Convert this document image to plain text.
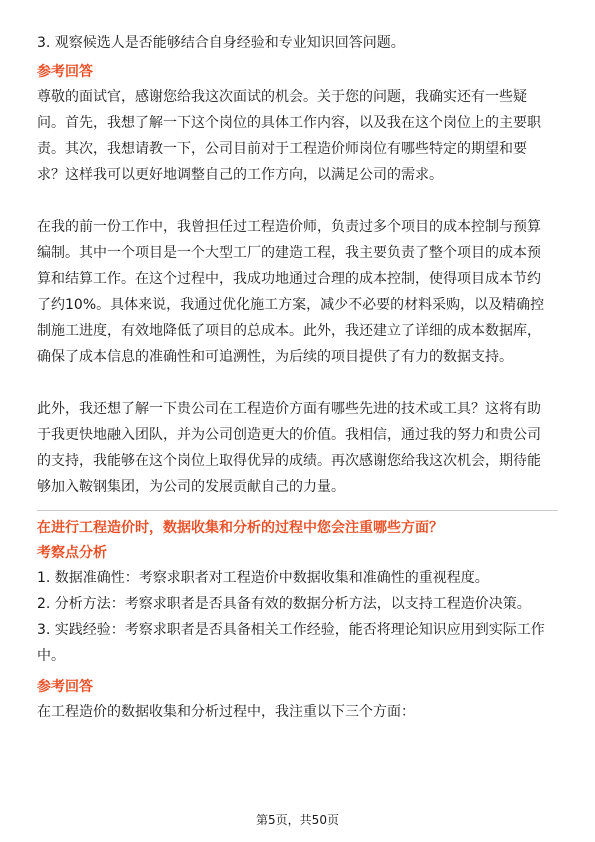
3. 观察候选人是否能够结合自身经验和专业知识回答问题。

参考回答

尊敬的面试官，感谢您给我这次面试的机会。关于您的问题，我确实还有一些疑

问。首先，我想了解一下这个岗位的具体工作内容，以及我在这个岗位上的主要职

责。其次，我想请教一下，公司目前对于工程造价师岗位有哪些特定的期望和要

求？这样我可以更好地调整自己的工作方向，以满足公司的需求。

在我的前一份工作中，我曾担任过工程造价师，负责过多个项目的成本控制与预算

编制。其中一个项目是一个大型工厂的建造工程，我主要负责了整个项目的成本预

算和结算工作。在这个过程中，我成功地通过合理的成本控制，使得项目成本节约

了约10%。具体来说，我通过优化施工方案，减少不必要的材料采购，以及精确控

制施工进度，有效地降低了项目的总成本。此外，我还建立了详细的成本数据库，

确保了成本信息的准确性和可追溯性，为后续的项目提供了有力的数据支持。

此外，我还想了解一下贵公司在工程造价方面有哪些先进的技术或工具？这将有助

于我更快地融入团队，并为公司创造更大的价值。我相信，通过我的努力和贵公司

的支持，我能够在这个岗位上取得优异的成绩。再次感谢您给我这次机会，期待能

够加入鞍钢集团，为公司的发展贡献自己的力量。

在进行工程造价时，数据收集和分析的过程中您会注重哪些方面？

考察点分析

1. 数据准确性：考察求职者对工程造价中数据收集和准确性的重视程度。

2. 分析方法：考察求职者是否具备有效的数据分析方法，以支持工程造价决策。

3. 实践经验：考察求职者是否具备相关工作经验，能否将理论知识应用到实际工作

中。

参考回答

在工程造价的数据收集和分析过程中，我注重以下三个方面：

第5页，共50页
